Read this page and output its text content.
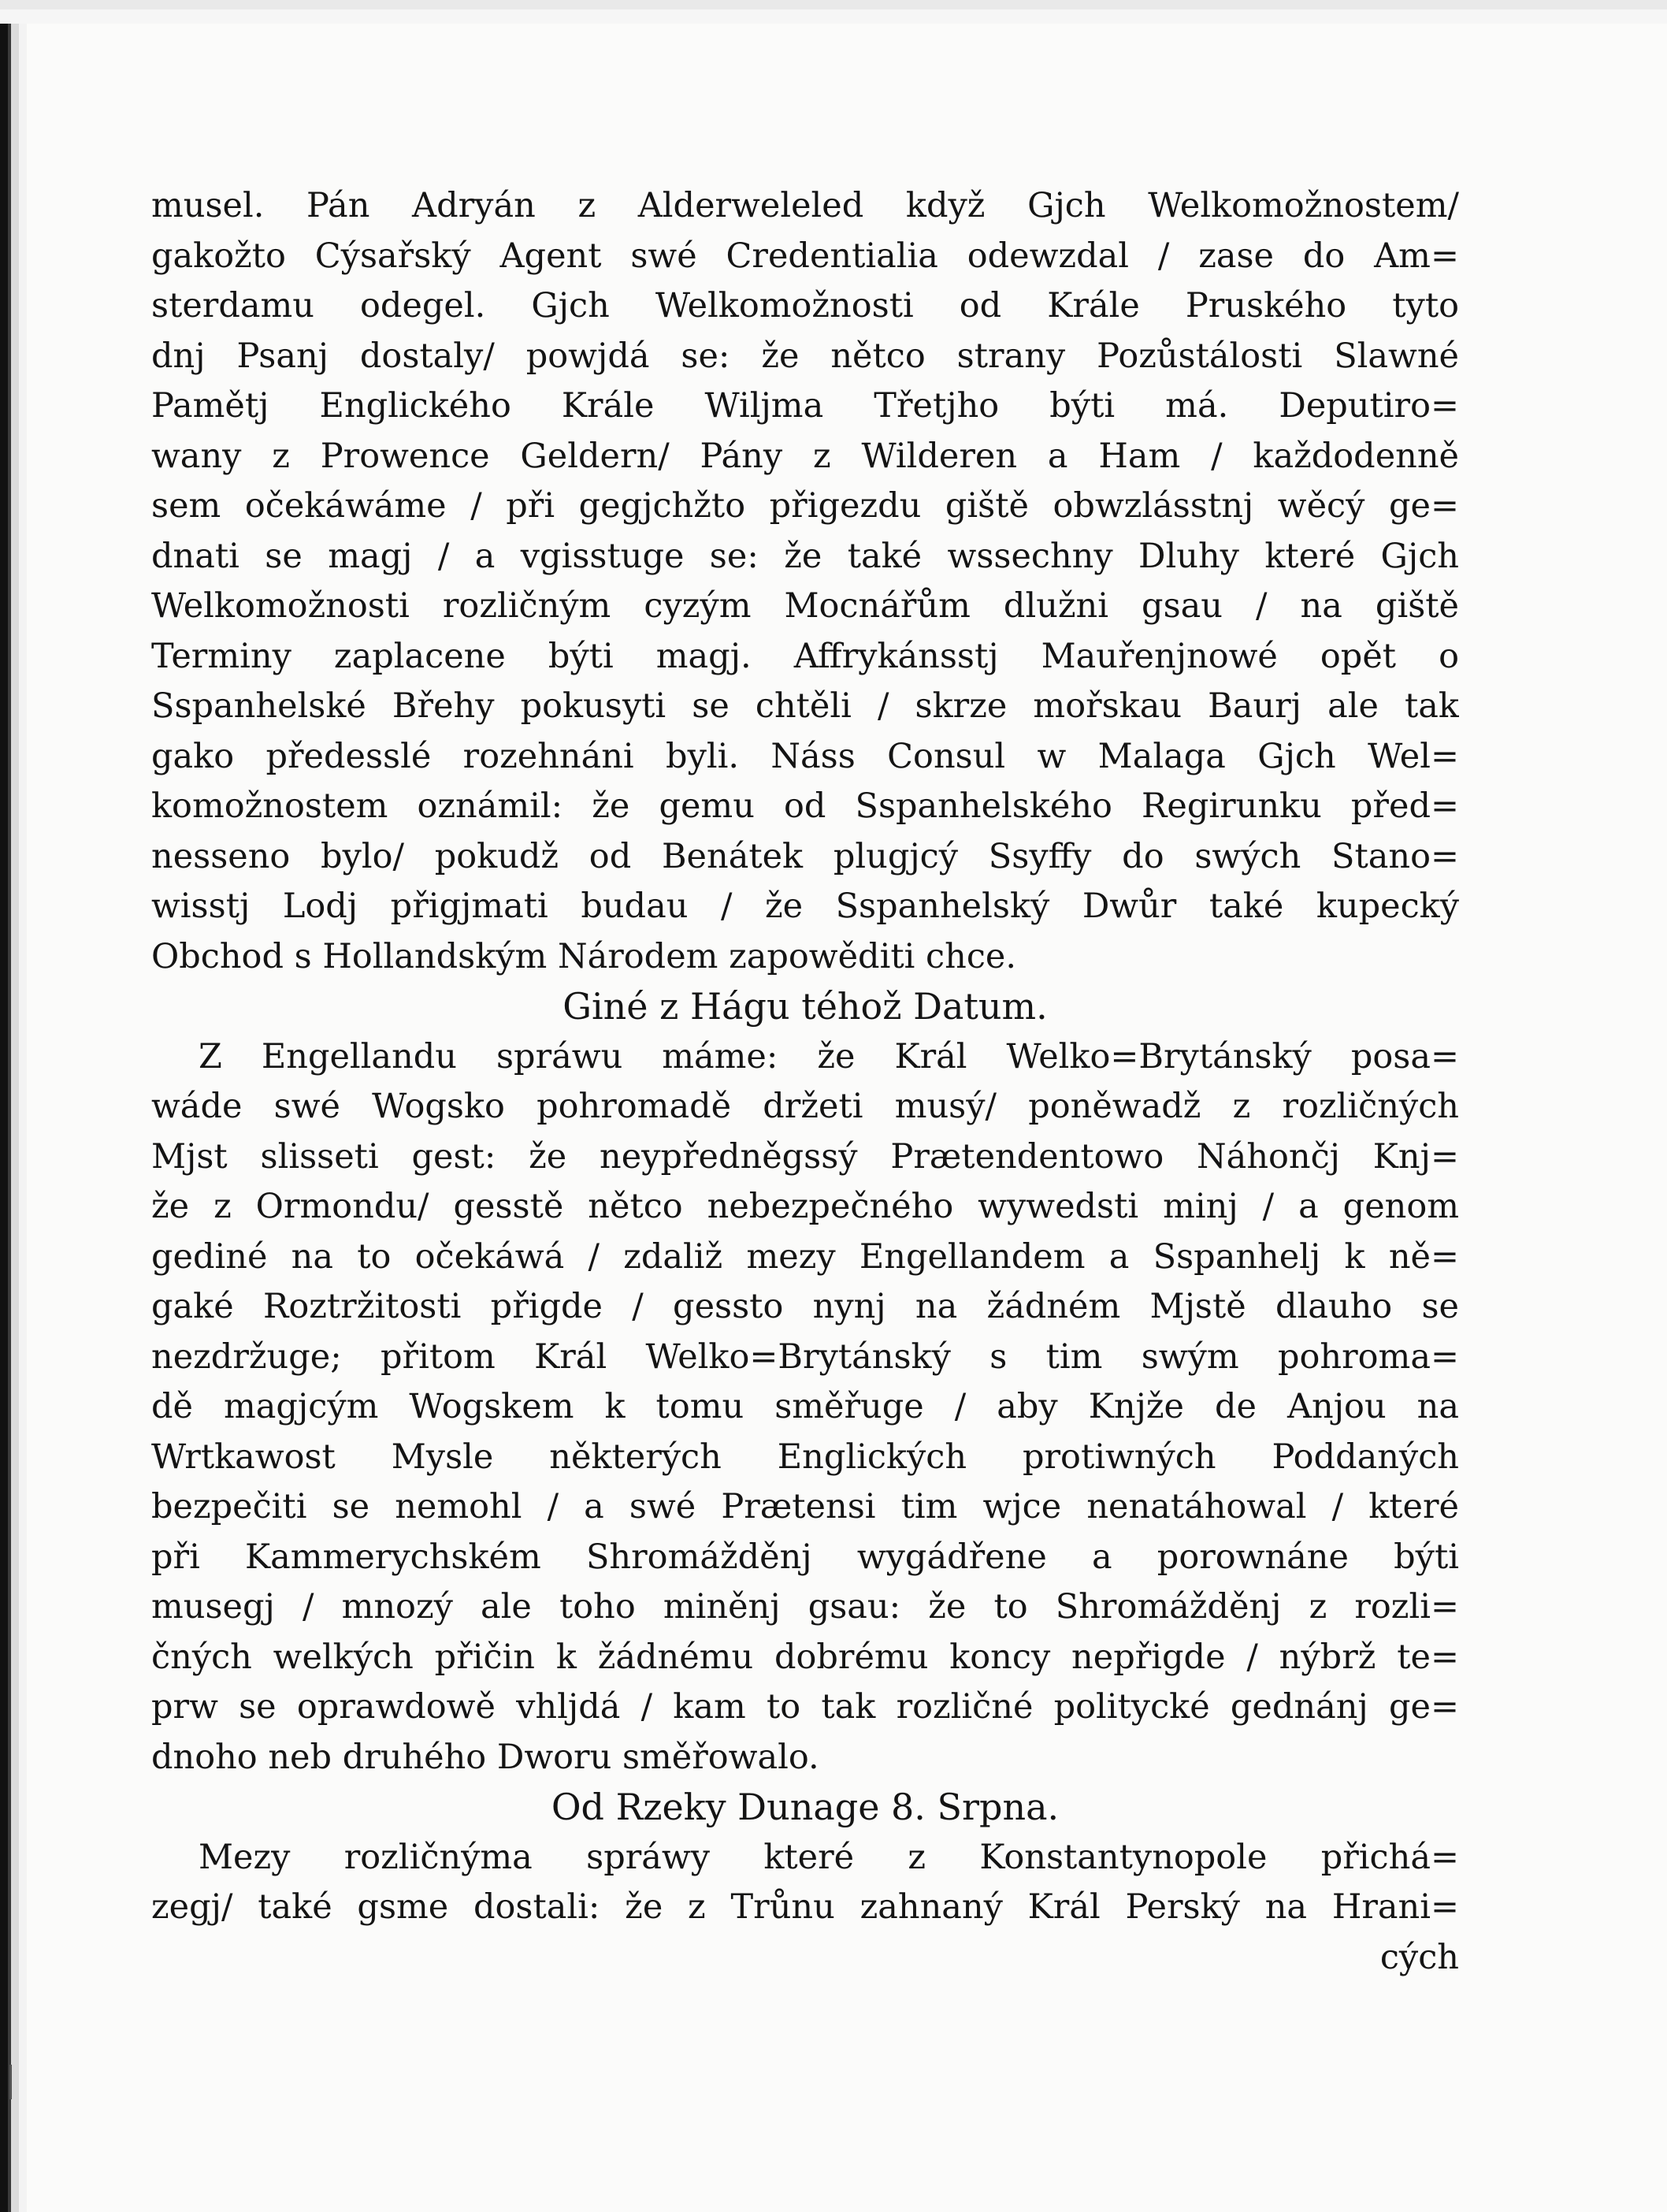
musel. Pán Adryán z Alderweleled když Gjch Welkomožnostem/
gakožto Cýsařský Agent swé Credentialia odewzdal / zase do Am=
sterdamu odegel. Gjch Welkomožnosti od Krále Pruského tyto
dnj Psanj dostaly/ powjdá se: že nětco strany Pozůstálosti Slawné
Pamětj Englického Krále Wiljma Třetjho býti má. Deputiro=
wany z Prowence Geldern/ Pány z Wilderen a Ham / každodenně
sem očekáwáme / při gegjchžto přigezdu giště obwzlásstnj wěcý ge=
dnati se magj / a vgisstuge se: že také wssechny Dluhy které Gjch
Welkomožnosti rozličným cyzým Mocnářům dlužni gsau / na giště
Terminy zaplacene býti magj. Affrykánsstj Mauřenjnowé opět o
Sspanhelské Břehy pokusyti se chtěli / skrze mořskau Baurj ale tak
gako předesslé rozehnáni byli. Náss Consul w Malaga Gjch Wel=
komožnostem oznámil: že gemu od Sspanhelského Regirunku před=
nesseno bylo/ pokudž od Benátek plugjcý Ssyffy do swých Stano=
wisstj Lodj přigjmati budau / že Sspanhelský Dwůr také kupecký
Obchod s Hollandským Národem zapowěditi chce.
Giné z Hágu téhož Datum.
Z Engellandu spráwu máme: že Král Welko=Brytánský posa=
wáde swé Wogsko pohromadě držeti musý/ poněwadž z rozličných
Mjst slisseti gest: že neypředněgssý Prætendentowo Náhončj Knj=
že z Ormondu/ gesstě nětco nebezpečného wywedsti minj / a genom
gediné na to očekáwá / zdaliž mezy Engellandem a Sspanhelj k ně=
gaké Roztržitosti přigde / gessto nynj na žádném Mjstě dlauho se
nezdržuge; přitom Král Welko=Brytánský s tim swým pohroma=
dě magjcým Wogskem k tomu směřuge / aby Knjže de Anjou na
Wrtkawost Mysle některých Englických protiwných Poddaných
bezpečiti se nemohl / a swé Prætensi tim wjce nenatáhowal / které
při Kammerychském Shromážděnj wygádřene a porownáne býti
musegj / mnozý ale toho miněnj gsau: že to Shromážděnj z rozli=
čných welkých přičin k žádnému dobrému koncy nepřigde / nýbrž te=
prw se oprawdowě vhljdá / kam to tak rozličné politycké gednánj ge=
dnoho neb druhého Dworu směřowalo.
Od Rzeky Dunage 8. Srpna.
Mezy rozličnýma spráwy které z Konstantynopole přichá=
zegj/ také gsme dostali: že z Trůnu zahnaný Král Perský na Hrani=
cých
